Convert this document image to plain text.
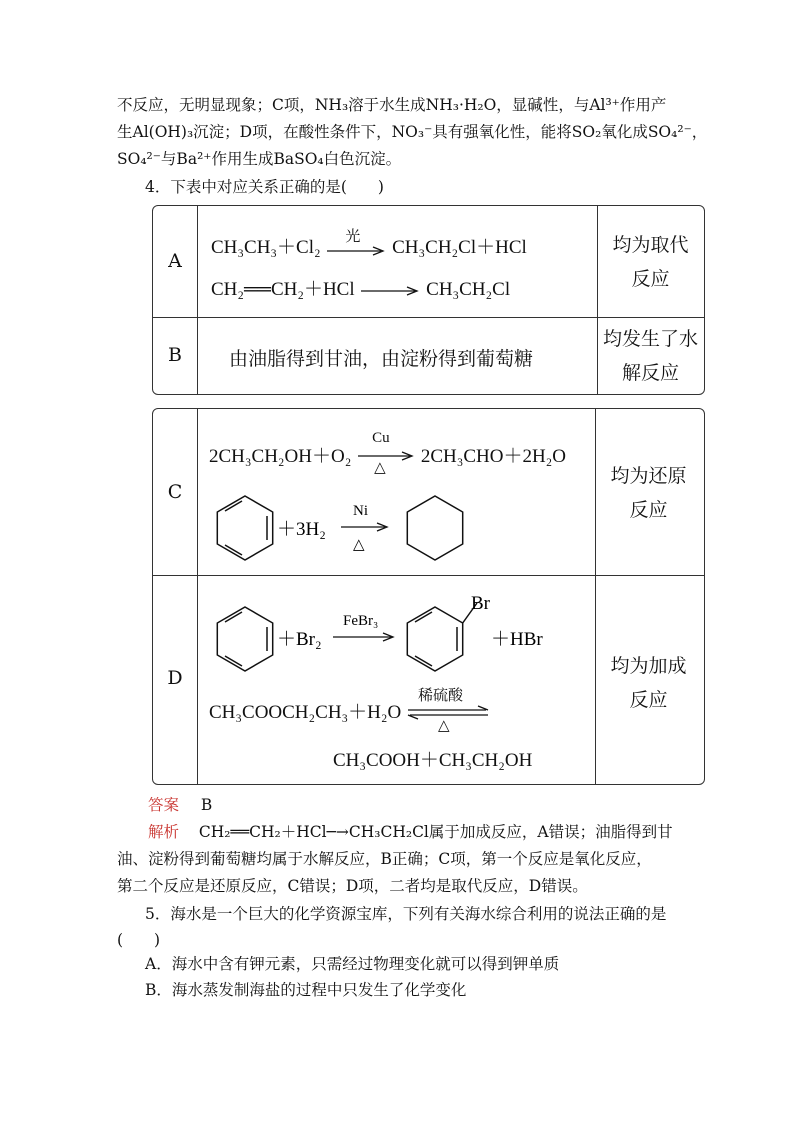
不反应，无明显现象；C项，NH₃溶于水生成NH₃·H₂O，显碱性，与Al³⁺作用产
生Al(OH)₃沉淀；D项，在酸性条件下，NO₃⁻具有强氧化性，能将SO₂氧化成SO₄²⁻，
SO₄²⁻与Ba²⁺作用生成BaSO₄白色沉淀。
4．下表中对应关系正确的是(　　)
A
CH₃CH₃＋Cl₂
光
CH₃CH₂Cl＋HCl
CH₂══CH₂＋HCl	CH₃CH₂Cl
均为取代反应
B	由油脂得到甘油，由淀粉得到葡萄糖
均发生了水解反应
C
2CH₃CH₂OH＋O₂
Cu
△
2CH₃CHO＋2H₂O
＋3H₂
Ni
△
均为还原反应
D
＋Br₂
FeBr₃
Br
＋HBr
CH₃COOCH₂CH₃＋H₂O
稀硫酸
△
CH₃COOH＋CH₃CH₂OH
均为加成反应
答案 B
解析 CH₂══CH₂＋HCl─→CH₃CH₂Cl属于加成反应，A错误；油脂得到甘
油、淀粉得到葡萄糖均属于水解反应，B正确；C项，第一个反应是氧化反应，
第二个反应是还原反应，C错误；D项，二者均是取代反应，D错误。
5．海水是一个巨大的化学资源宝库，下列有关海水综合利用的说法正确的是
(　　)
A．海水中含有钾元素，只需经过物理变化就可以得到钾单质
B．海水蒸发制海盐的过程中只发生了化学变化
